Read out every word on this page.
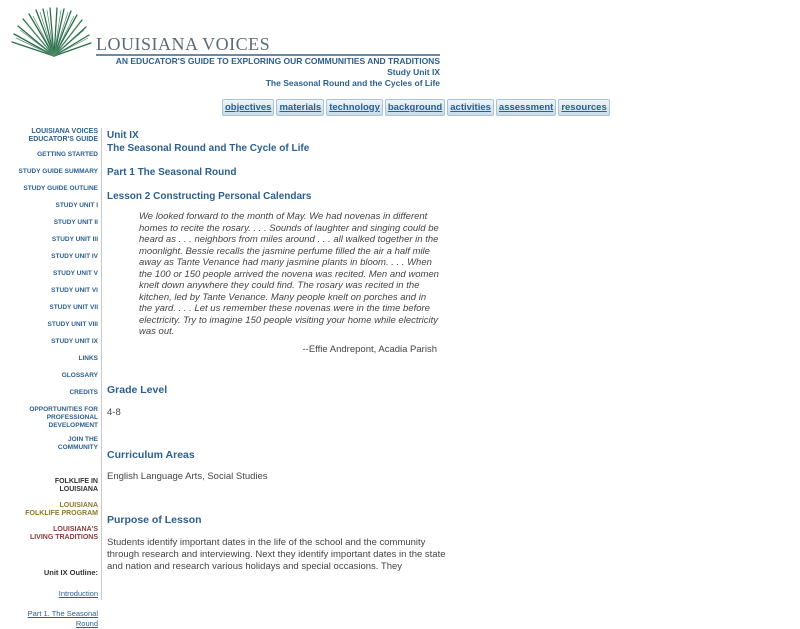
LOUISIANA VOICES
AN EDUCATOR'S GUIDE TO EXPLORING OUR COMMUNITIES AND TRADITIONS
Study Unit IX
The Seasonal Round and the Cycles of Life
objectives materials technology background activities assessment resources
LOUISIANA VOICES
EDUCATOR'S GUIDE
GETTING STARTED
STUDY GUIDE SUMMARY
STUDY GUIDE OUTLINE
STUDY UNIT I
STUDY UNIT II
STUDY UNIT III
STUDY UNIT IV
STUDY UNIT V
STUDY UNIT VI
STUDY UNIT VII
STUDY UNIT VIII
STUDY UNIT IX
LINKS
GLOSSARY
CREDITS
OPPORTUNITIES FOR
PROFESSIONAL
DEVELOPMENT
JOIN THE
COMMUNITY
FOLKLIFE IN
LOUISIANA
LOUISIANA
FOLKLIFE PROGRAM
LOUISIANA'S
LIVING TRADITIONS
Unit IX Outline:
Introduction
Part 1. The Seasonal
Round
Unit IX
The Seasonal Round and The Cycle of Life
Part 1 The Seasonal Round
Lesson 2 Constructing Personal Calendars
We looked forward to the month of May. We had novenas in different homes to recite the rosary. . . . Sounds of laughter and singing could be heard as . . . neighbors from miles around . . . all walked together in the moonlight. Bessie recalls the jasmine perfume filled the air a half mile away as Tante Venance had many jasmine plants in bloom. . . . When the 100 or 150 people arrived the novena was recited. Men and women knelt down anywhere they could find. The rosary was recited in the kitchen, led by Tante Venance. Many people knelt on porches and in the yard. . . . Let us remember these novenas were in the time before electricity. Try to imagine 150 people visiting your home while electricity was out.
--Effie Andrepont, Acadia Parish
Grade Level
4-8
Curriculum Areas
English Language Arts, Social Studies
Purpose of Lesson
Students identify important dates in the life of the school and the community through research and interviewing. Next they identify important dates in the state and nation and research various holidays and special occasions. They
